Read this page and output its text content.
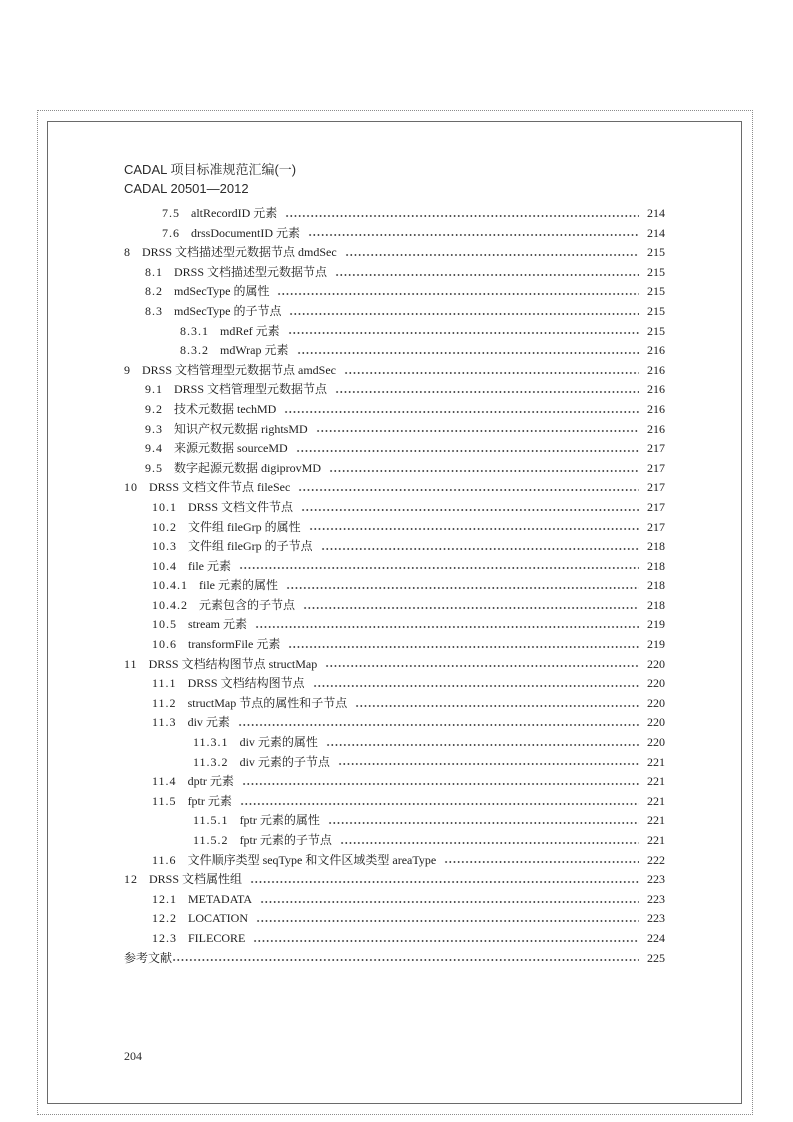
CADAL 项目标准规范汇编(一)
CADAL 20501—2012
7.5 altRecordID 元素	214
7.6 drssDocumentID 元素	214
8 DRSS 文档描述型元数据节点 dmdSec	215
8.1 DRSS 文档描述型元数据节点	215
8.2 mdSecType 的属性	215
8.3 mdSecType 的子节点	215
8.3.1 mdRef 元素	215
8.3.2 mdWrap 元素	216
9 DRSS 文档管理型元数据节点 amdSec	216
9.1 DRSS 文档管理型元数据节点	216
9.2 技术元数据 techMD	216
9.3 知识产权元数据 rightsMD	216
9.4 来源元数据 sourceMD	217
9.5 数字起源元数据 digiprovMD	217
10 DRSS 文档文件节点 fileSec	217
10.1 DRSS 文档文件节点	217
10.2 文件组 fileGrp 的属性	217
10.3 文件组 fileGrp 的子节点	218
10.4 file 元素	218
10.4.1 file 元素的属性	218
10.4.2 元素包含的子节点	218
10.5 stream 元素	219
10.6 transformFile 元素	219
11 DRSS 文档结构图节点 structMap	220
11.1 DRSS 文档结构图节点	220
11.2 structMap 节点的属性和子节点	220
11.3 div 元素	220
11.3.1 div 元素的属性	220
11.3.2 div 元素的子节点	221
11.4 dptr 元素	221
11.5 fptr 元素	221
11.5.1 fptr 元素的属性	221
11.5.2 fptr 元素的子节点	221
11.6 文件顺序类型 seqType 和文件区域类型 areaType	222
12 DRSS 文档属性组	223
12.1 METADATA	223
12.2 LOCATION	223
12.3 FILECORE	224
参考文献	225
204
